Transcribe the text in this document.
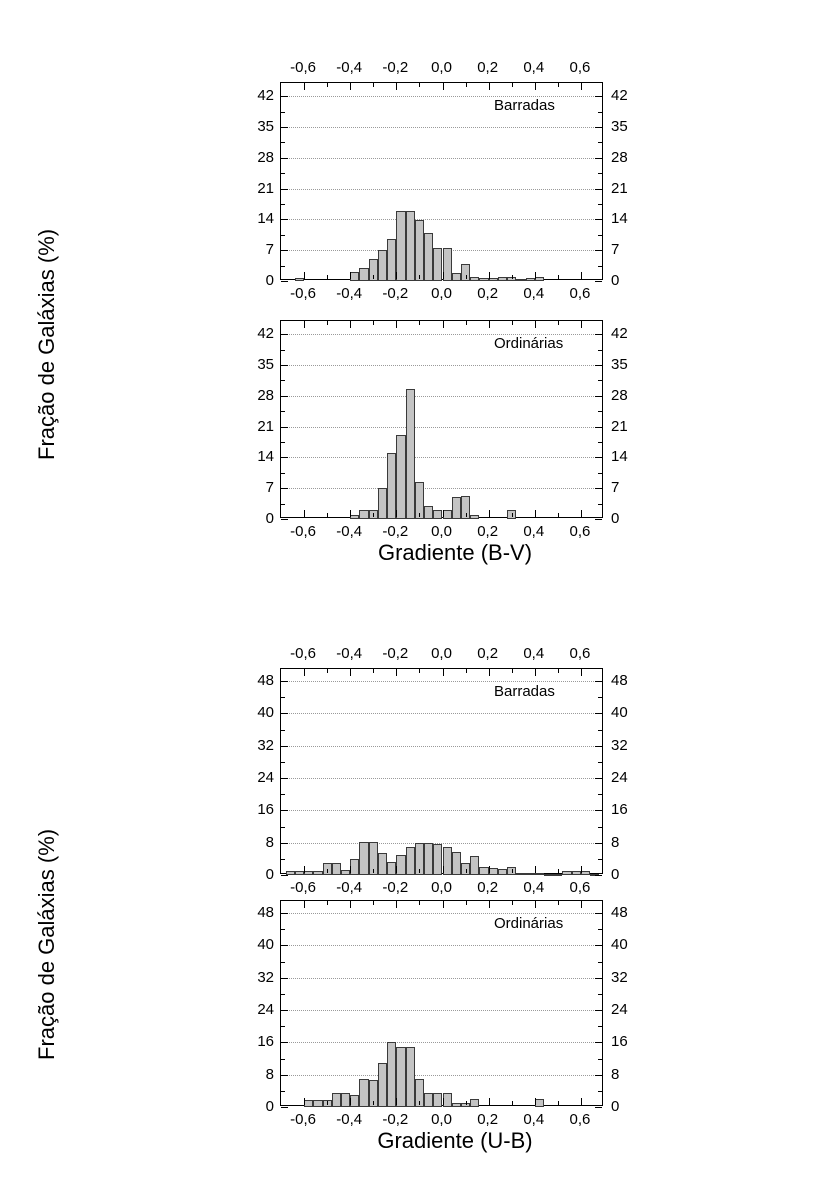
Fração de Galáxias (%)
Gradiente (B-V)
Barradas
Ordinárias
0	0
7	7
14	14
21	21
28	28
35	35
42	42
-0,6
-0,6
-0,4
-0,4
-0,2
-0,2
0,0
0,0
0,2
0,2
0,4
0,4
0,6
0,6
0	0
7	7
14	14
21	21
28	28
35	35
42	42
-0,6	-0,4	-0,2	0,0	0,2	0,4	0,6
Fração de Galáxias (%)
Gradiente (U-B)
Barradas
Ordinárias
0	0
8	8
16	16
24	24
32	32
40	40
48	48
-0,6
-0,6
-0,4
-0,4
-0,2
-0,2
0,0
0,0
0,2
0,2
0,4
0,4
0,6
0,6
0	0
8	8
16	16
24	24
32	32
40	40
48	48
-0,6	-0,4	-0,2	0,0	0,2	0,4	0,6
